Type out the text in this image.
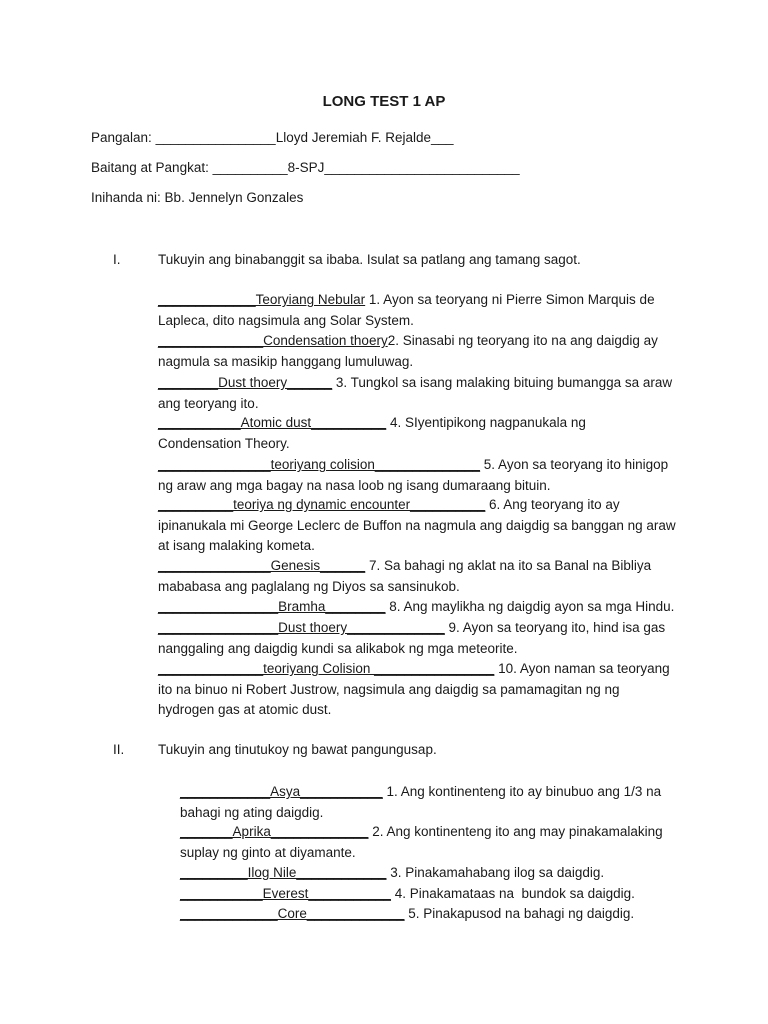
LONG TEST 1 AP
Pangalan: ________________Lloyd Jeremiah F. Rejalde___
Baitang at Pangkat: __________8-SPJ__________________________
Inihanda ni: Bb. Jennelyn Gonzales
I.	Tukuyin ang binabanggit sa ibaba. Isulat sa patlang ang tamang sagot.

_____________Teoryiang Nebular 1. Ayon sa teoryang ni Pierre Simon Marquis de

Lapleca, dito nagsimula ang Solar System.

______________Condensation thoery2. Sinasabi ng teoryang ito na ang daigdig ay

nagmula sa masikip hanggang lumuluwag.

________Dust thoery______ 3. Tungkol sa isang malaking bituing bumangga sa araw

ang teoryang ito.

___________Atomic dust__________ 4. SIyentipikong nagpanukala ng

Condensation Theory.

_______________teoriyang colision______________ 5. Ayon sa teoryang ito hinigop

ng araw ang mga bagay na nasa loob ng isang dumaraang bituin.

__________teoriya ng dynamic encounter__________ 6. Ang teoryang ito ay

ipinanukala mi George Leclerc de Buffon na nagmula ang daigdig sa banggan ng araw

at isang malaking kometa.

_______________Genesis______ 7. Sa bahagi ng aklat na ito sa Banal na Bibliya

mababasa ang paglalang ng Diyos sa sansinukob.

________________Bramha________ 8. Ang maylikha ng daigdig ayon sa mga Hindu.

________________Dust thoery_____________ 9. Ayon sa teoryang ito, hind isa gas

nanggaling ang daigdig kundi sa alikabok ng mga meteorite.

______________teoriyang Colision ________________ 10. Ayon naman sa teoryang

ito na binuo ni Robert Justrow, nagsimula ang daigdig sa pamamagitan ng ng

hydrogen gas at atomic dust.

II. Tukuyin ang tinutukoy ng bawat pangungusap.

____________Asya___________ 1. Ang kontinenteng ito ay binubuo ang 1/3 na

bahagi ng ating daigdig.

_______Aprika_____________ 2. Ang kontinenteng ito ang may pinakamalaking

suplay ng ginto at diyamante.

_________Ilog Nile____________ 3. Pinakamahabang ilog sa daigdig.

___________Everest___________ 4. Pinakamataas na  bundok sa daigdig.

_____________Core_____________ 5. Pinakapusod na bahagi ng daigdig.
